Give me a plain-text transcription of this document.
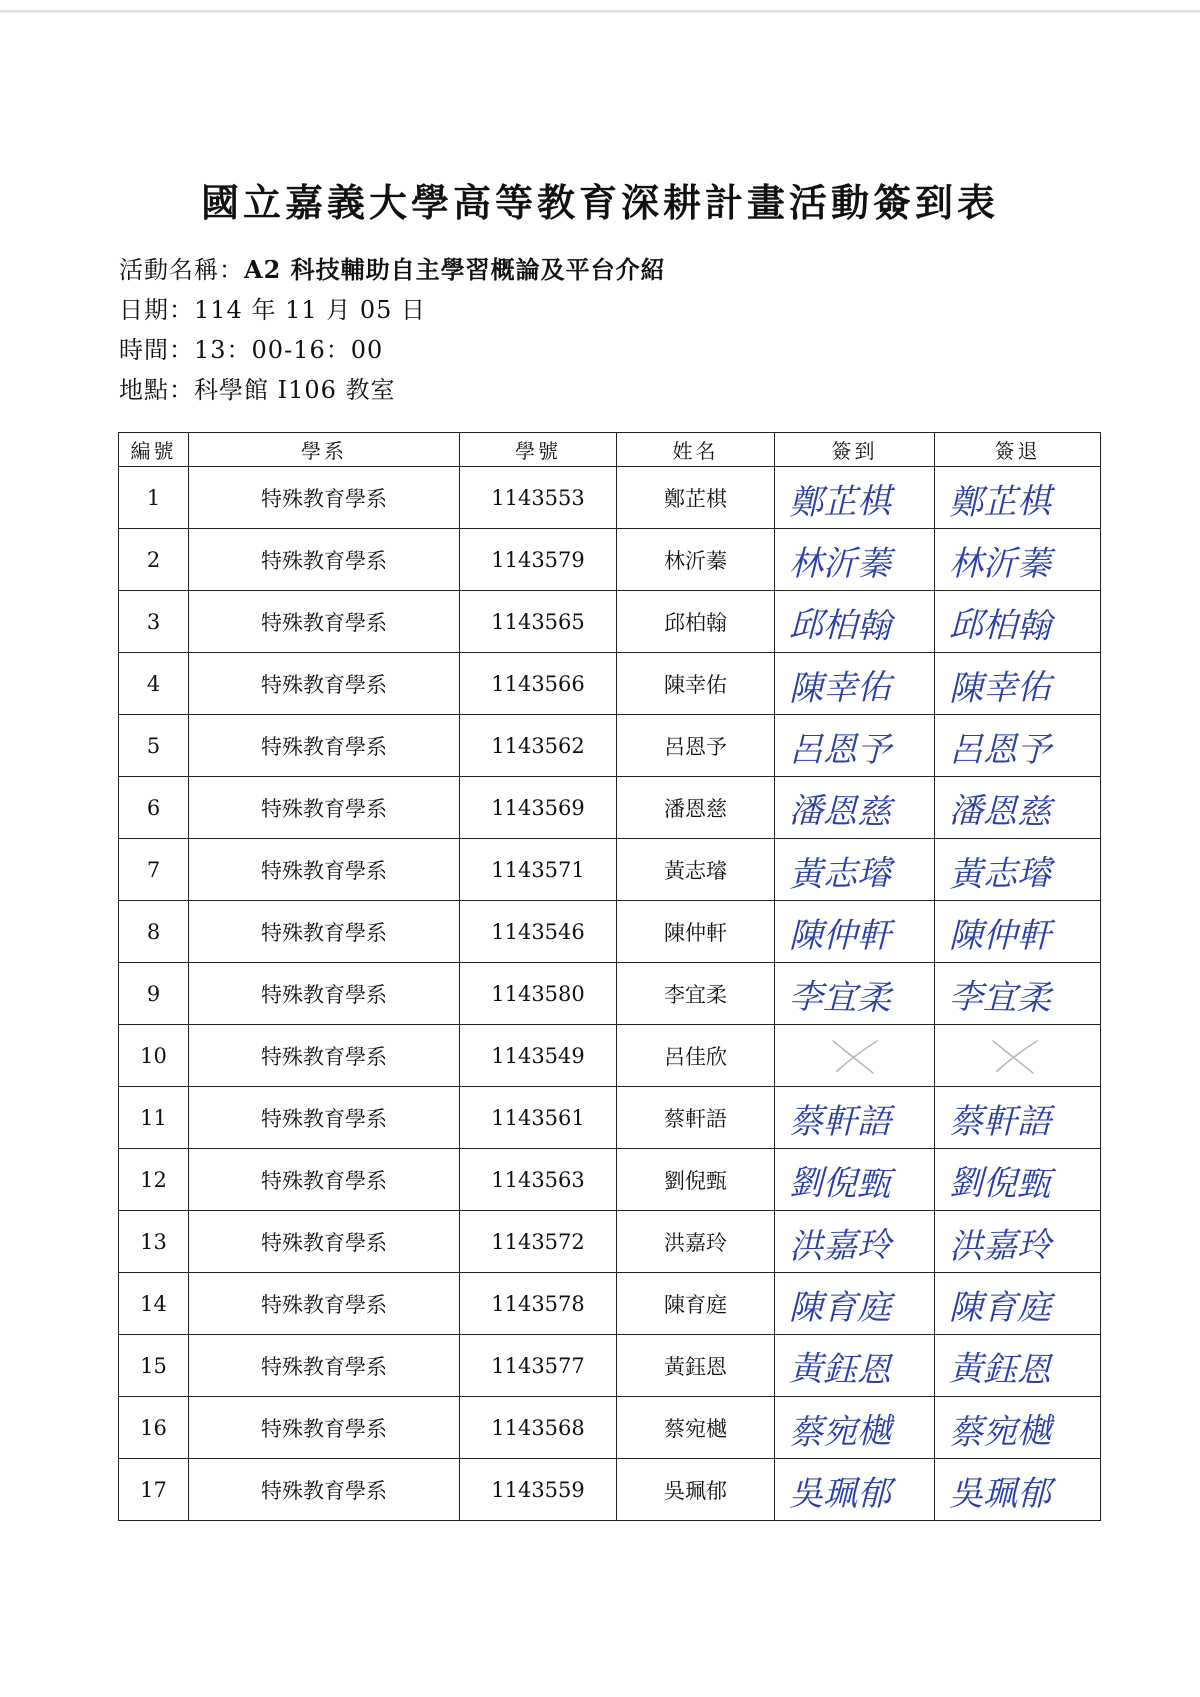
國立嘉義大學高等教育深耕計畫活動簽到表
活動名稱：A2 科技輔助自主學習概論及平台介紹
日期：114 年 11 月 05 日
時間：13：00-16：00
地點：科學館 I106 教室
編號	學系	學號	姓名	簽到	簽退
1	特殊教育學系	1143553	鄭芷棋	鄭芷棋	鄭芷棋

2	特殊教育學系	1143579	林沂蓁	林沂蓁	林沂蓁

3	特殊教育學系	1143565	邱柏翰	邱柏翰	邱柏翰

4	特殊教育學系	1143566	陳幸佑	陳幸佑	陳幸佑

5	特殊教育學系	1143562	呂恩予	呂恩予	呂恩予

6	特殊教育學系	1143569	潘恩慈	潘恩慈	潘恩慈

7	特殊教育學系	1143571	黃志璿	黃志璿	黃志璿

8	特殊教育學系	1143546	陳仲軒	陳仲軒	陳仲軒

9	特殊教育學系	1143580	李宜柔	李宜柔	李宜柔

10	特殊教育學系	1143549	呂佳欣	

11	特殊教育學系	1143561	蔡軒語	蔡軒語	蔡軒語

12	特殊教育學系	1143563	劉倪甄	劉倪甄	劉倪甄

13	特殊教育學系	1143572	洪嘉玲	洪嘉玲	洪嘉玲

14	特殊教育學系	1143578	陳育庭	陳育庭	陳育庭

15	特殊教育學系	1143577	黃鈺恩	黃鈺恩	黃鈺恩

16	特殊教育學系	1143568	蔡宛樾	蔡宛樾	蔡宛樾

17	特殊教育學系	1143559	吳珮郁	吳珮郁	吳珮郁
